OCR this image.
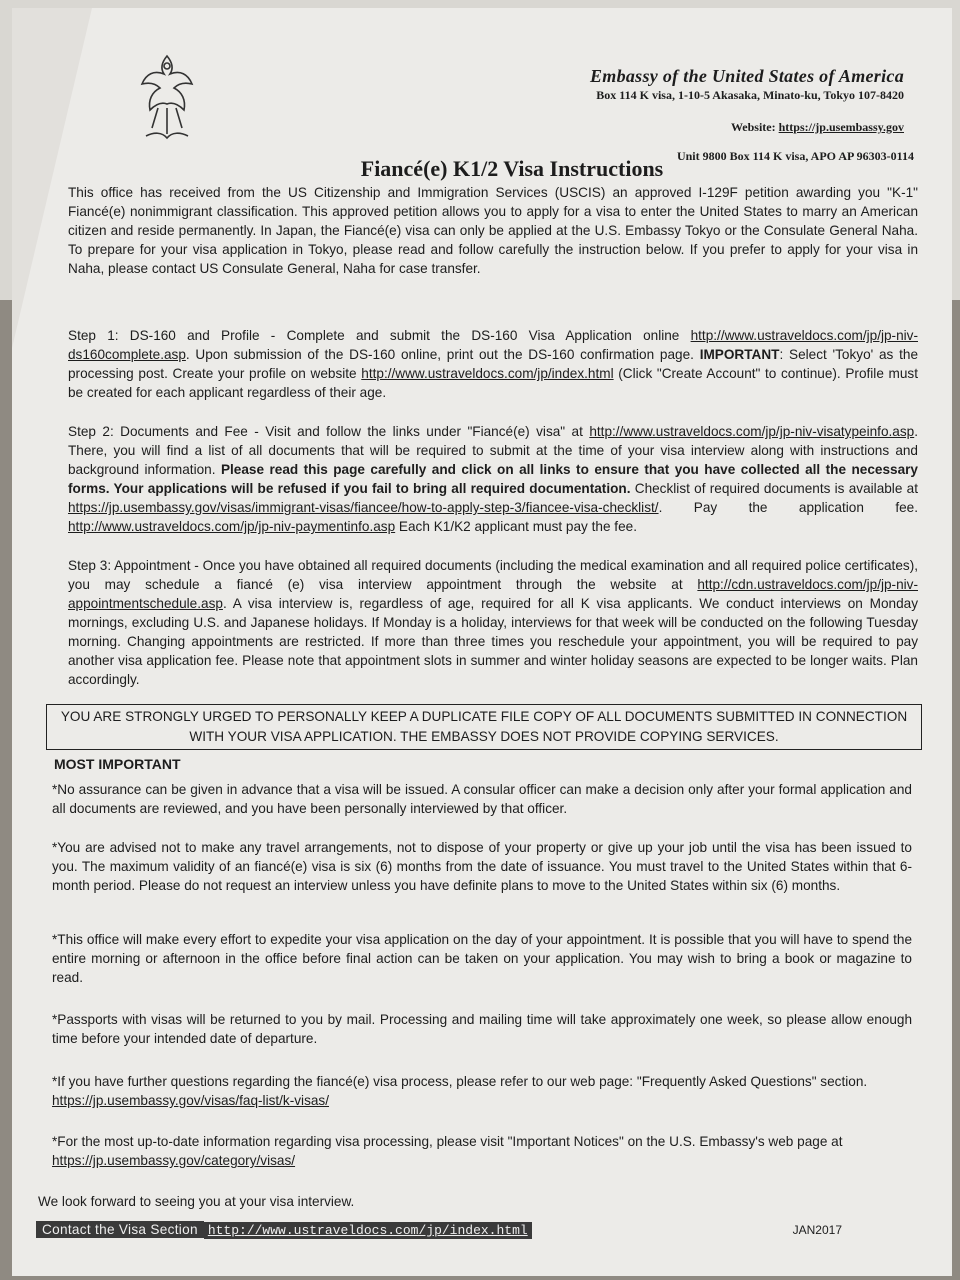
Embassy of the United States of America
Box 114 K visa, 1-10-5 Akasaka, Minato-ku, Tokyo 107-8420
Website: https://jp.usembassy.gov
Unit 9800 Box 114 K visa, APO AP 96303-0114
Fiancé(e) K1/2 Visa Instructions
This office has received from the US Citizenship and Immigration Services (USCIS) an approved I-129F petition awarding you "K-1" Fiancé(e) nonimmigrant classification. This approved petition allows you to apply for a visa to enter the United States to marry an American citizen and reside permanently. In Japan, the Fiancé(e) visa can only be applied at the U.S. Embassy Tokyo or the Consulate General Naha. To prepare for your visa application in Tokyo, please read and follow carefully the instruction below. If you prefer to apply for your visa in Naha, please contact US Consulate General, Naha for case transfer.
Step 1: DS-160 and Profile - Complete and submit the DS-160 Visa Application online http://www.ustraveldocs.com/jp/jp-niv-ds160complete.asp. Upon submission of the DS-160 online, print out the DS-160 confirmation page. IMPORTANT: Select 'Tokyo' as the processing post. Create your profile on website http://www.ustraveldocs.com/jp/index.html (Click "Create Account" to continue). Profile must be created for each applicant regardless of their age.
Step 2: Documents and Fee - Visit and follow the links under "Fiancé(e) visa" at http://www.ustraveldocs.com/jp/jp-niv-visatypeinfo.asp. There, you will find a list of all documents that will be required to submit at the time of your visa interview along with instructions and background information. Please read this page carefully and click on all links to ensure that you have collected all the necessary forms. Your applications will be refused if you fail to bring all required documentation. Checklist of required documents is available at https://jp.usembassy.gov/visas/immigrant-visas/fiancee/how-to-apply-step-3/fiancee-visa-checklist/. Pay the application fee. http://www.ustraveldocs.com/jp/jp-niv-paymentinfo.asp Each K1/K2 applicant must pay the fee.
Step 3: Appointment - Once you have obtained all required documents (including the medical examination and all required police certificates), you may schedule a fiancé (e) visa interview appointment through the website at http://cdn.ustraveldocs.com/jp/jp-niv-appointmentschedule.asp. A visa interview is, regardless of age, required for all K visa applicants. We conduct interviews on Monday mornings, excluding U.S. and Japanese holidays. If Monday is a holiday, interviews for that week will be conducted on the following Tuesday morning. Changing appointments are restricted. If more than three times you reschedule your appointment, you will be required to pay another visa application fee. Please note that appointment slots in summer and winter holiday seasons are expected to be longer waits. Plan accordingly.
YOU ARE STRONGLY URGED TO PERSONALLY KEEP A DUPLICATE FILE COPY OF ALL DOCUMENTS SUBMITTED IN CONNECTION WITH YOUR VISA APPLICATION. THE EMBASSY DOES NOT PROVIDE COPYING SERVICES.
MOST IMPORTANT
*No assurance can be given in advance that a visa will be issued. A consular officer can make a decision only after your formal application and all documents are reviewed, and you have been personally interviewed by that officer.
*You are advised not to make any travel arrangements, not to dispose of your property or give up your job until the visa has been issued to you. The maximum validity of an fiancé(e) visa is six (6) months from the date of issuance. You must travel to the United States within that 6-month period. Please do not request an interview unless you have definite plans to move to the United States within six (6) months.
*This office will make every effort to expedite your visa application on the day of your appointment. It is possible that you will have to spend the entire morning or afternoon in the office before final action can be taken on your application. You may wish to bring a book or magazine to read.
*Passports with visas will be returned to you by mail. Processing and mailing time will take approximately one week, so please allow enough time before your intended date of departure.
*If you have further questions regarding the fiancé(e) visa process, please refer to our web page: "Frequently Asked Questions" section.
https://jp.usembassy.gov/visas/faq-list/k-visas/
*For the most up-to-date information regarding visa processing, please visit "Important Notices" on the U.S. Embassy's web page at
https://jp.usembassy.gov/category/visas/
We look forward to seeing you at your visa interview.
Contact the Visa Section http://www.ustraveldocs.com/jp/index.html	JAN2017
